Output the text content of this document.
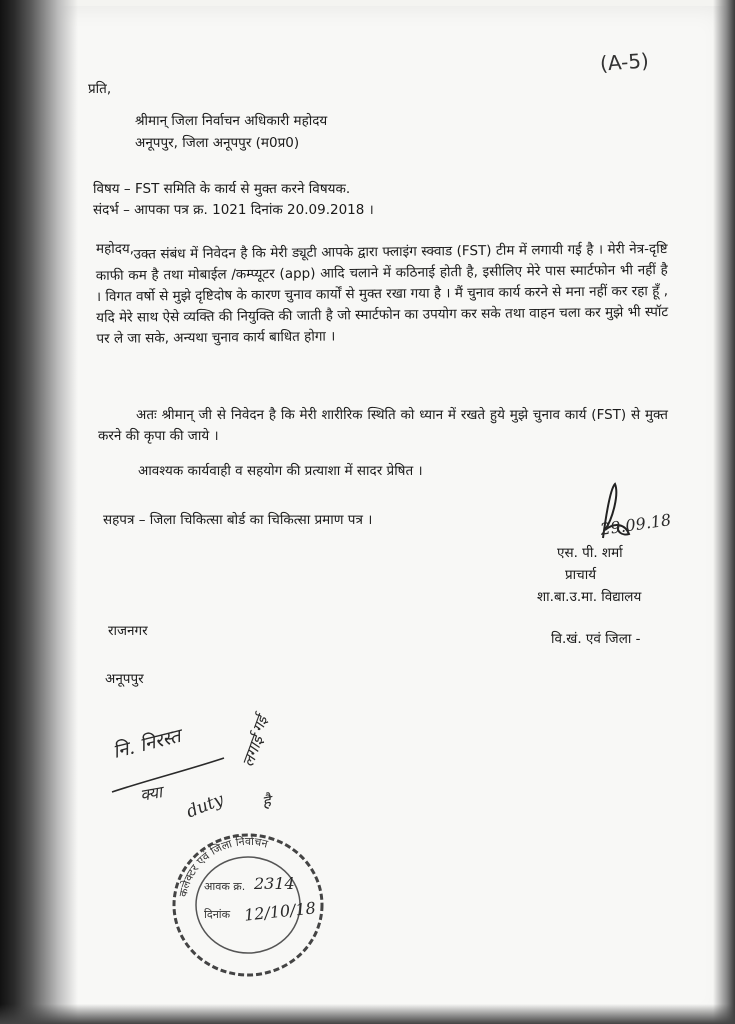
(A-5)
प्रति,
श्रीमान् जिला निर्वाचन अधिकारी महोदय
अनूपपुर, जिला अनूपपुर (म0प्र0)
विषय – FST समिति के कार्य से मुक्त करने विषयक.
संदर्भ – आपका पत्र क्र. 1021 दिनांक 20.09.2018 ।
महोदय, उक्त संबंध में निवेदन है कि मेरी ड्यूटी आपके द्वारा फ्लाइंग स्क्वाड (FST) टीम में लगायी गई है । मेरी नेत्र-दृष्टि काफी कम है तथा मोबाईल /कम्प्यूटर (app) आदि चलाने में कठिनाई होती है, इसीलिए मेरे पास स्मार्टफोन भी नहीं है । विगत वर्षो से मुझे दृष्टिदोष के कारण चुनाव कार्यों से मुक्त रखा गया है । मैं चुनाव कार्य करने से मना नहीं कर रहा हूँ , यदि मेरे साथ ऐसे व्यक्ति की नियुक्ति की जाती है जो स्मार्टफोन का उपयोग कर सके तथा वाहन चला कर मुझे भी स्पॉट पर ले जा सके, अन्यथा चुनाव कार्य बाधित होगा ।
अतः श्रीमान् जी से निवेदन है कि मेरी शारीरिक स्थिति को ध्यान में रखते हुये मुझे चुनाव कार्य (FST) से मुक्त करने की कृपा की जाये ।
आवश्यक कार्यवाही व सहयोग की प्रत्याशा में सादर प्रेषित ।
सहपत्र – जिला चिकित्सा बोर्ड का चिकित्सा प्रमाण पत्र ।	29.09.18
एस. पी. शर्मा
प्राचार्य
शा.बा.उ.मा. विद्यालय
वि.खं. एवं जिला -
राजनगर
अनूपपुर
नि. निरस्त
क्या duty
लगाई
गई
है
कलेक्टर एवं जिला निर्वाचन
आवक क्र. 2314
दिनांक 12/10/18
